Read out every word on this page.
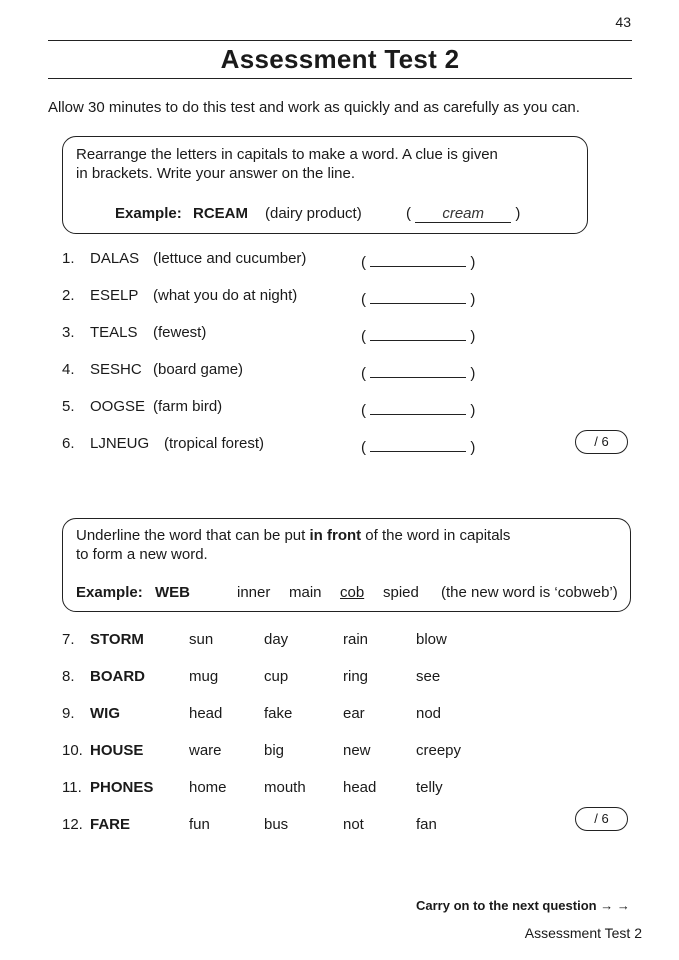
43
Assessment Test 2
Allow 30 minutes to do this test and work as quickly and as carefully as you can.
Rearrange the letters in capitals to make a word. A clue is given
in brackets. Write your answer on the line.
Example: RCEAM (dairy product)	( cream )
1. DALAS (lettuce and cucumber)	(	)
2. ESELP (what you do at night)	(	)
3. TEALS (fewest)	(	)
4. SESHC (board game)	(	)
5. OOGSE (farm bird)	(	)
6. LJNEUG (tropical forest)	(	)	/ 6
Underline the word that can be put in front of the word in capitals
to form a new word.
Example: WEB	inner main cob spied (the new word is ‘cobweb’)
7. STORM	sun	day	rain	blow
8. BOARD	mug	cup	ring	see
9. WIG	head	fake	ear	nod
10. HOUSE	ware	big	new	creepy
11. PHONES home mouth head	telly
12. FARE	fun	bus	not	fan	/ 6
Carry on to the next question → →
Assessment Test 2
